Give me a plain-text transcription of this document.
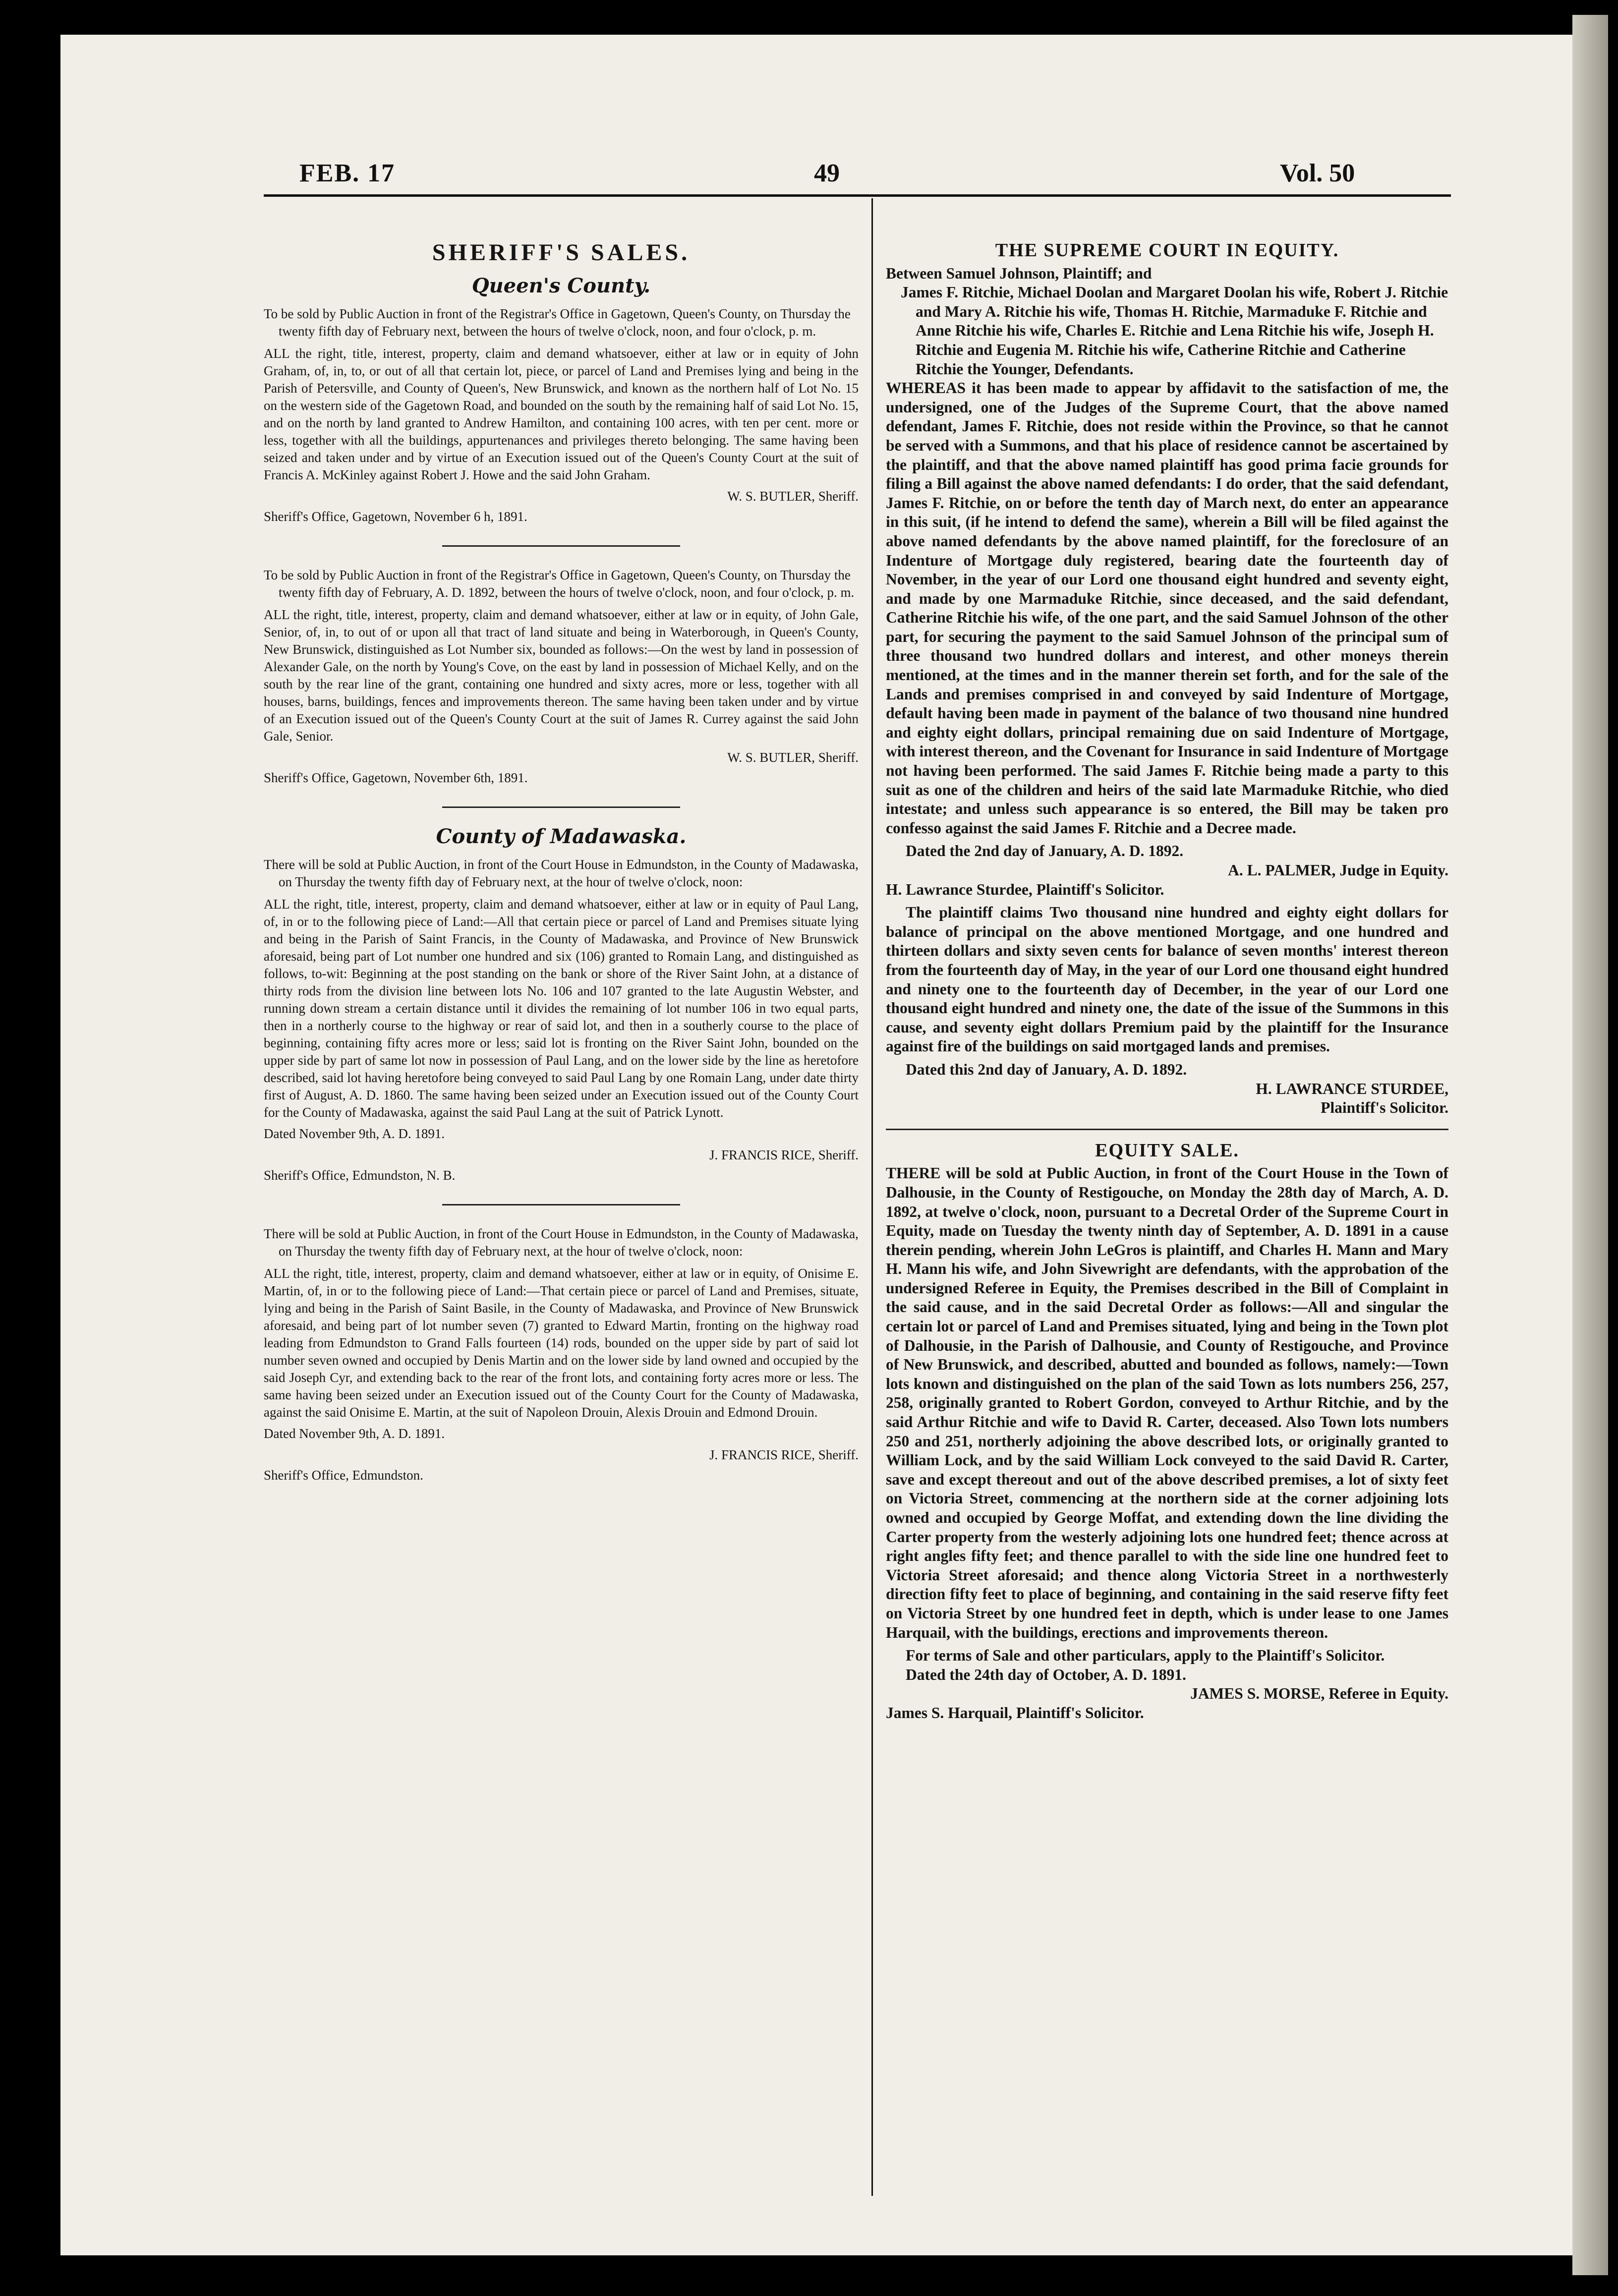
FEB. 17	49	Vol. 50
SHERIFF'S SALES.
Queen's County.

To be sold by Public Auction in front of the Registrar's Office in Gagetown, Queen's County, on Thursday the twenty fifth day of February next, between the hours of twelve o'clock, noon, and four o'clock, p. m.

ALL the right, title, interest, property, claim and demand whatsoever, either at law or in equity of John Graham, of, in, to, or out of all that certain lot, piece, or parcel of Land and Premises lying and being in the Parish of Petersville, and County of Queen's, New Brunswick, and known as the northern half of Lot No. 15 on the western side of the Gagetown Road, and bounded on the south by the remaining half of said Lot No. 15, and on the north by land granted to Andrew Hamilton, and containing 100 acres, with ten per cent. more or less, together with all the buildings, appurtenances and privileges thereto belonging. The same having been seized and taken under and by virtue of an Execution issued out of the Queen's County Court at the suit of Francis A. McKinley against Robert J. Howe and the said John Graham.

W. S. BUTLER, Sheriff.

Sheriff's Office, Gagetown, November 6 h, 1891.

To be sold by Public Auction in front of the Registrar's Office in Gagetown, Queen's County, on Thursday the twenty fifth day of February, A. D. 1892, between the hours of twelve o'clock, noon, and four o'clock, p. m.

ALL the right, title, interest, property, claim and demand whatsoever, either at law or in equity, of John Gale, Senior, of, in, to out of or upon all that tract of land situate and being in Waterborough, in Queen's County, New Brunswick, distinguished as Lot Number six, bounded as follows:—On the west by land in possession of Alexander Gale, on the north by Young's Cove, on the east by land in possession of Michael Kelly, and on the south by the rear line of the grant, containing one hundred and sixty acres, more or less, together with all houses, barns, buildings, fences and improvements thereon. The same having been taken under and by virtue of an Execution issued out of the Queen's County Court at the suit of James R. Currey against the said John Gale, Senior.

W. S. BUTLER, Sheriff.

Sheriff's Office, Gagetown, November 6th, 1891.

County of Madawaska.

There will be sold at Public Auction, in front of the Court House in Edmundston, in the County of Madawaska, on Thursday the twenty fifth day of February next, at the hour of twelve o'clock, noon:

ALL the right, title, interest, property, claim and demand whatsoever, either at law or in equity of Paul Lang, of, in or to the following piece of Land:—All that certain piece or parcel of Land and Premises situate lying and being in the Parish of Saint Francis, in the County of Madawaska, and Province of New Brunswick aforesaid, being part of Lot number one hundred and six (106) granted to Romain Lang, and distinguished as follows, to-wit: Beginning at the post standing on the bank or shore of the River Saint John, at a distance of thirty rods from the division line between lots No. 106 and 107 granted to the late Augustin Webster, and running down stream a certain distance until it divides the remaining of lot number 106 in two equal parts, then in a northerly course to the highway or rear of said lot, and then in a southerly course to the place of beginning, containing fifty acres more or less; said lot is fronting on the River Saint John, bounded on the upper side by part of same lot now in possession of Paul Lang, and on the lower side by the line as heretofore described, said lot having heretofore being conveyed to said Paul Lang by one Romain Lang, under date thirty first of August, A. D. 1860. The same having been seized under an Execution issued out of the County Court for the County of Madawaska, against the said Paul Lang at the suit of Patrick Lynott.

Dated November 9th, A. D. 1891.

J. FRANCIS RICE, Sheriff.

Sheriff's Office, Edmundston, N. B.

There will be sold at Public Auction, in front of the Court House in Edmundston, in the County of Madawaska, on Thursday the twenty fifth day of February next, at the hour of twelve o'clock, noon:

ALL the right, title, interest, property, claim and demand whatsoever, either at law or in equity, of Onisime E. Martin, of, in or to the following piece of Land:—That certain piece or parcel of Land and Premises, situate, lying and being in the Parish of Saint Basile, in the County of Madawaska, and Province of New Brunswick aforesaid, and being part of lot number seven (7) granted to Edward Martin, fronting on the highway road leading from Edmundston to Grand Falls fourteen (14) rods, bounded on the upper side by part of said lot number seven owned and occupied by Denis Martin and on the lower side by land owned and occupied by the said Joseph Cyr, and extending back to the rear of the front lots, and containing forty acres more or less. The same having been seized under an Execution issued out of the County Court for the County of Madawaska, against the said Onisime E. Martin, at the suit of Napoleon Drouin, Alexis Drouin and Edmond Drouin.

Dated November 9th, A. D. 1891.

J. FRANCIS RICE, Sheriff.

Sheriff's Office, Edmundston.

THE SUPREME COURT IN EQUITY.

Between Samuel Johnson, Plaintiff; and

James F. Ritchie, Michael Doolan and Margaret Doolan his wife, Robert J. Ritchie and Mary A. Ritchie his wife, Thomas H. Ritchie, Marmaduke F. Ritchie and Anne Ritchie his wife, Charles E. Ritchie and Lena Ritchie his wife, Joseph H. Ritchie and Eugenia M. Ritchie his wife, Catherine Ritchie and Catherine Ritchie the Younger, Defendants.

WHEREAS it has been made to appear by affidavit to the satisfaction of me, the undersigned, one of the Judges of the Supreme Court, that the above named defendant, James F. Ritchie, does not reside within the Province, so that he cannot be served with a Summons, and that his place of residence cannot be ascertained by the plaintiff, and that the above named plaintiff has good prima facie grounds for filing a Bill against the above named defendants: I do order, that the said defendant, James F. Ritchie, on or before the tenth day of March next, do enter an appearance in this suit, (if he intend to defend the same), wherein a Bill will be filed against the above named defendants by the above named plaintiff, for the foreclosure of an Indenture of Mortgage duly registered, bearing date the fourteenth day of November, in the year of our Lord one thousand eight hundred and seventy eight, and made by one Marmaduke Ritchie, since deceased, and the said defendant, Catherine Ritchie his wife, of the one part, and the said Samuel Johnson of the other part, for securing the payment to the said Samuel Johnson of the principal sum of three thousand two hundred dollars and interest, and other moneys therein mentioned, at the times and in the manner therein set forth, and for the sale of the Lands and premises comprised in and conveyed by said Indenture of Mortgage, default having been made in payment of the balance of two thousand nine hundred and eighty eight dollars, principal remaining due on said Indenture of Mortgage, with interest thereon, and the Covenant for Insurance in said Indenture of Mortgage not having been performed. The said James F. Ritchie being made a party to this suit as one of the children and heirs of the said late Marmaduke Ritchie, who died intestate; and unless such appearance is so entered, the Bill may be taken pro confesso against the said James F. Ritchie and a Decree made.

Dated the 2nd day of January, A. D. 1892.

A. L. PALMER, Judge in Equity.

H. Lawrance Sturdee, Plaintiff's Solicitor.

The plaintiff claims Two thousand nine hundred and eighty eight dollars for balance of principal on the above mentioned Mortgage, and one hundred and thirteen dollars and sixty seven cents for balance of seven months' interest thereon from the fourteenth day of May, in the year of our Lord one thousand eight hundred and ninety one to the fourteenth day of December, in the year of our Lord one thousand eight hundred and ninety one, the date of the issue of the Summons in this cause, and seventy eight dollars Premium paid by the plaintiff for the Insurance against fire of the buildings on said mortgaged lands and premises.

Dated this 2nd day of January, A. D. 1892.

H. LAWRANCE STURDEE,

Plaintiff's Solicitor.

EQUITY SALE.

THERE will be sold at Public Auction, in front of the Court House in the Town of Dalhousie, in the County of Restigouche, on Monday the 28th day of March, A. D. 1892, at twelve o'clock, noon, pursuant to a Decretal Order of the Supreme Court in Equity, made on Tuesday the twenty ninth day of September, A. D. 1891 in a cause therein pending, wherein John LeGros is plaintiff, and Charles H. Mann and Mary H. Mann his wife, and John Sivewright are defendants, with the approbation of the undersigned Referee in Equity, the Premises described in the Bill of Complaint in the said cause, and in the said Decretal Order as follows:—All and singular the certain lot or parcel of Land and Premises situated, lying and being in the Town plot of Dalhousie, in the Parish of Dalhousie, and County of Restigouche, and Province of New Brunswick, and described, abutted and bounded as follows, namely:—Town lots known and distinguished on the plan of the said Town as lots numbers 256, 257, 258, originally granted to Robert Gordon, conveyed to Arthur Ritchie, and by the said Arthur Ritchie and wife to David R. Carter, deceased. Also Town lots numbers 250 and 251, northerly adjoining the above described lots, or originally granted to William Lock, and by the said William Lock conveyed to the said David R. Carter, save and except thereout and out of the above described premises, a lot of sixty feet on Victoria Street, commencing at the northern side at the corner adjoining lots owned and occupied by George Moffat, and extending down the line dividing the Carter property from the westerly adjoining lots one hundred feet; thence across at right angles fifty feet; and thence parallel to with the side line one hundred feet to Victoria Street aforesaid; and thence along Victoria Street in a northwesterly direction fifty feet to place of beginning, and containing in the said reserve fifty feet on Victoria Street by one hundred feet in depth, which is under lease to one James Harquail, with the buildings, erections and improvements thereon.

For terms of Sale and other particulars, apply to the Plaintiff's Solicitor.

Dated the 24th day of October, A. D. 1891.

JAMES S. MORSE, Referee in Equity.

James S. Harquail, Plaintiff's Solicitor.
